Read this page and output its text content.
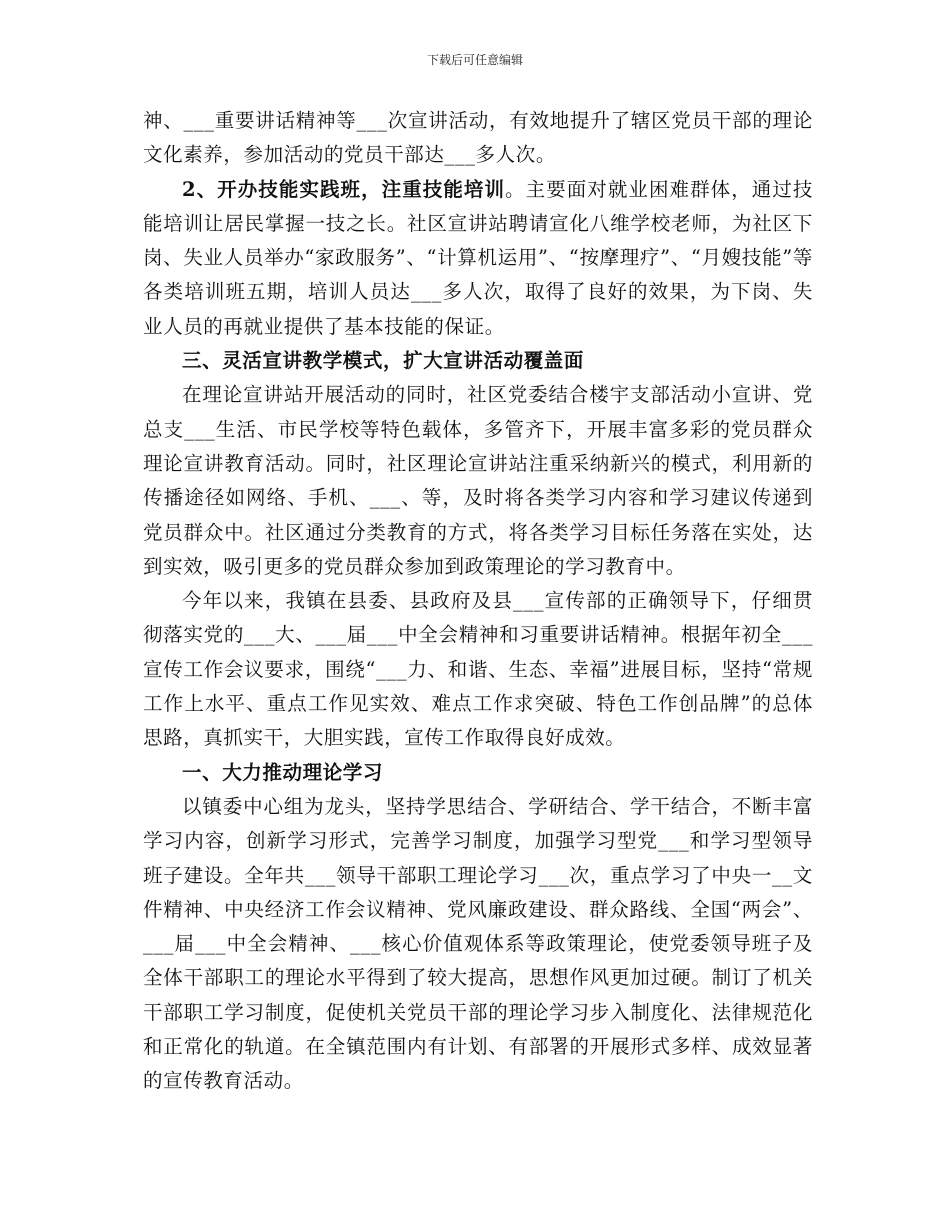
下载后可任意编辑

神、___重要讲话精神等___次宣讲活动，有效地提升了辖区党员干部的理论文化素养，参加活动的党员干部达___多人次。

2、开办技能实践班，注重技能培训。主要面对就业困难群体，通过技能培训让居民掌握一技之长。社区宣讲站聘请宣化八维学校老师，为社区下岗、失业人员举办“家政服务”、“计算机运用”、“按摩理疗”、“月嫂技能”等各类培训班五期，培训人员达___多人次，取得了良好的效果，为下岗、失业人员的再就业提供了基本技能的保证。

三、灵活宣讲教学模式，扩大宣讲活动覆盖面

在理论宣讲站开展活动的同时，社区党委结合楼宇支部活动小宣讲、党总支___生活、市民学校等特色载体，多管齐下，开展丰富多彩的党员群众理论宣讲教育活动。同时，社区理论宣讲站注重采纳新兴的模式，利用新的传播途径如网络、手机、___、等，及时将各类学习内容和学习建议传递到党员群众中。社区通过分类教育的方式，将各类学习目标任务落在实处，达到实效，吸引更多的党员群众参加到政策理论的学习教育中。

今年以来，我镇在县委、县政府及县___宣传部的正确领导下，仔细贯彻落实党的___大、___届___中全会精神和习重要讲话精神。根据年初全___宣传工作会议要求，围绕“___力、和谐、生态、幸福”进展目标，坚持“常规工作上水平、重点工作见实效、难点工作求突破、特色工作创品牌”的总体思路，真抓实干，大胆实践，宣传工作取得良好成效。

一、大力推动理论学习

以镇委中心组为龙头，坚持学思结合、学研结合、学干结合，不断丰富学习内容，创新学习形式，完善学习制度，加强学习型党___和学习型领导班子建设。全年共___领导干部职工理论学习___次，重点学习了中央一__文件精神、中央经济工作会议精神、党风廉政建设、群众路线、全国“两会”、___届___中全会精神、___核心价值观体系等政策理论，使党委领导班子及全体干部职工的理论水平得到了较大提高，思想作风更加过硬。制订了机关干部职工学习制度，促使机关党员干部的理论学习步入制度化、法律规范化和正常化的轨道。在全镇范围内有计划、有部署的开展形式多样、成效显著的宣传教育活动。
